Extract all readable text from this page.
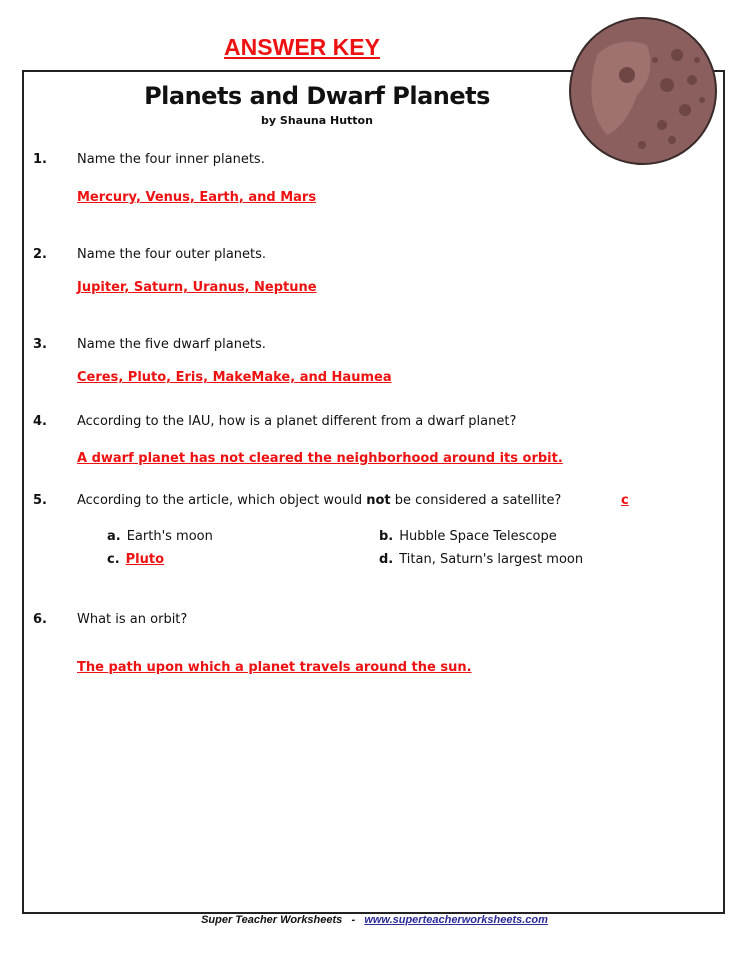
ANSWER KEY
Planets and Dwarf Planets
by Shauna Hutton
1. Name the four inner planets.
Mercury, Venus, Earth, and Mars
2. Name the four outer planets.
Jupiter, Saturn, Uranus, Neptune
3. Name the five dwarf planets.
Ceres, Pluto, Eris, MakeMake, and Haumea
4. According to the IAU, how is a planet different from a dwarf planet?
A dwarf planet has not cleared the neighborhood around its orbit.
5. According to the article, which object would not be considered a satellite?	c
a. Earth's moon	b. Hubble Space Telescope
c. Pluto	d. Titan, Saturn's largest moon
6. What is an orbit?
The path upon which a planet travels around the sun.
Super Teacher Worksheets - www.superteacherworksheets.com
